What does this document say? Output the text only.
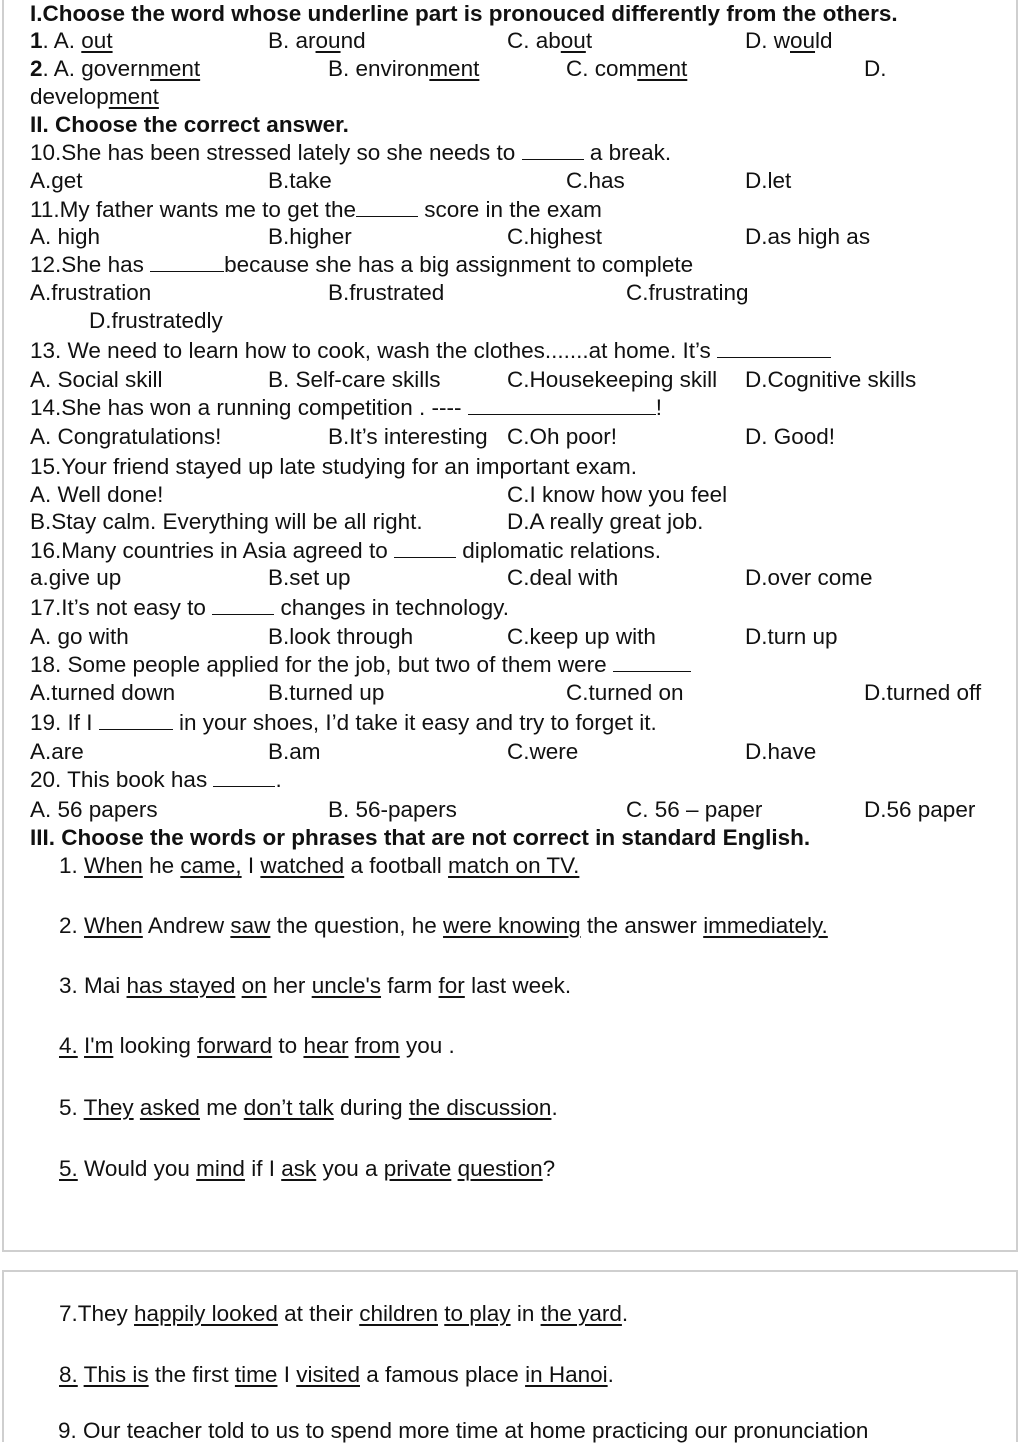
I.Choose the word whose underline part is pronouced differently from the others.
1. A. out	B. around	C. about	D. would
2. A. government	B. environment	C. comment	D.
development
II. Choose the correct answer.
10.She has been stressed lately so she needs to	a break.
A.get	B.take	C.has	D.let
11.My father wants me to get the	score in the exam
A. high	B.higher	C.highest	D.as high as
12.She has	because she has a big assignment to complete
A.frustration	B.frustrated	C.frustrating
D.frustratedly
13. We need to learn how to cook, wash the clothes.......at home. It’s
A. Social skill	B. Self-care skills	C.Housekeeping skill D.Cognitive skills
14.She has won a running competition . ----	!
A. Congratulations!	B.It’s interesting C.Oh poor!	D. Good!
15.Your friend stayed up late studying for an important exam.
A. Well done!	C.I know how you feel
B.Stay calm. Everything will be all right.	D.A really great job.
16.Many countries in Asia agreed to	diplomatic relations.
a.give up	B.set up	C.deal with	D.over come
17.It’s not easy to	changes in technology.
A. go with	B.look through	C.keep up with	D.turn up
18. Some people applied for the job, but two of them were
A.turned down	B.turned up	C.turned on	D.turned off
19. If I	in your shoes, I’d take it easy and try to forget it.
A.are	B.am	C.were	D.have
20. This book has	.
A. 56 papers	B. 56-papers	C. 56 – paper	D.56 paper
III. Choose the words or phrases that are not correct in standard English.
1. When he came, I watched a football match on TV.
2. When Andrew saw the question, he were knowing the answer immediately.
3. Mai has stayed on her uncle's farm for last week.
4. I'm looking forward to hear from you .
5. They asked me don’t talk during the discussion.
5. Would you mind if I ask you a private question?
7.They happily looked at their children to play in the yard.
8. This is the first time I visited a famous place in Hanoi.
